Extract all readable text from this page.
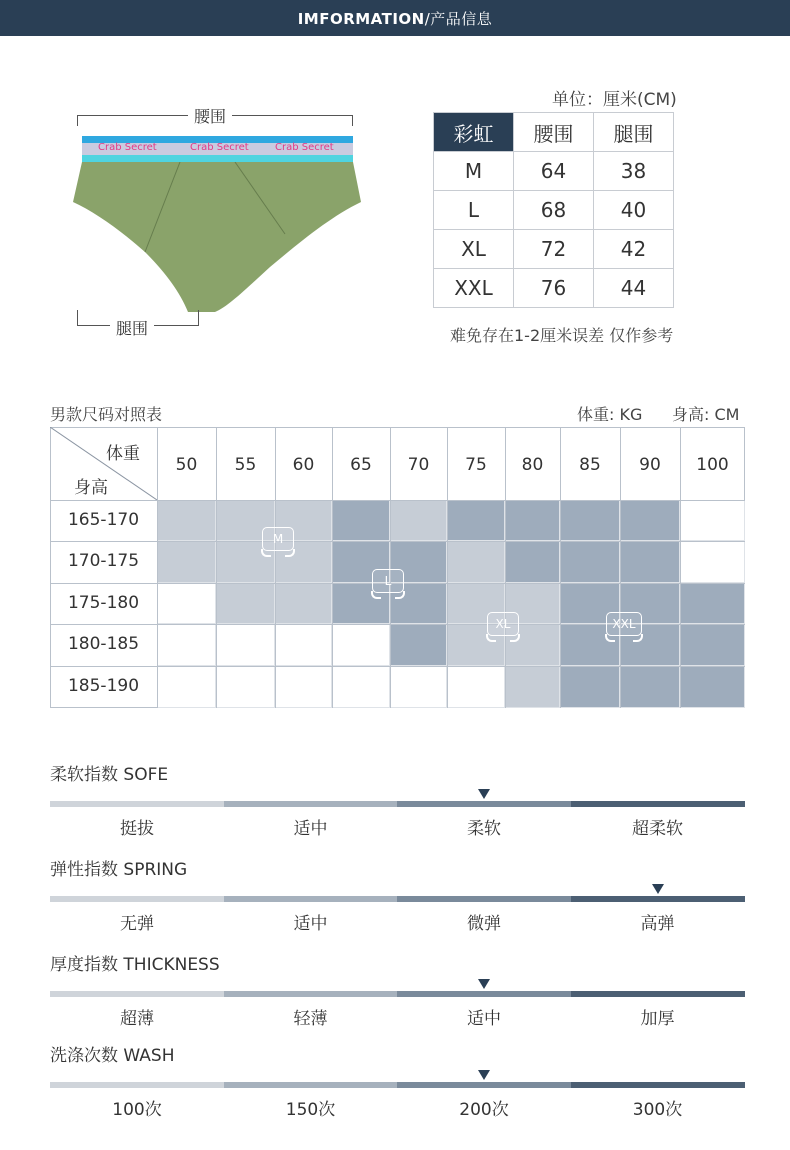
IMFORMATION/产品信息
腰围
Crab Secret	Crab Secret	Crab Secret
腿围
单位：厘米(CM)
彩虹	腰围	腿围
M	64	38
L	68	40
XL	72	42
XXL	76	44
难免存在1-2厘米误差 仅作参考
男款尺码对照表	体重: KG 身高: CM
体重
身高
50	55	60	65	70	75	80	85	90	100
165-170
170-175
175-180
180-185
185-190
M
L
XL	XXL
柔软指数 SOFE
挺拔	适中	柔软	超柔软
弹性指数 SPRING
无弹	适中	微弹	高弹
厚度指数 THICKNESS
超薄	轻薄	适中	加厚
洗涤次数 WASH
100次	150次	200次	300次
